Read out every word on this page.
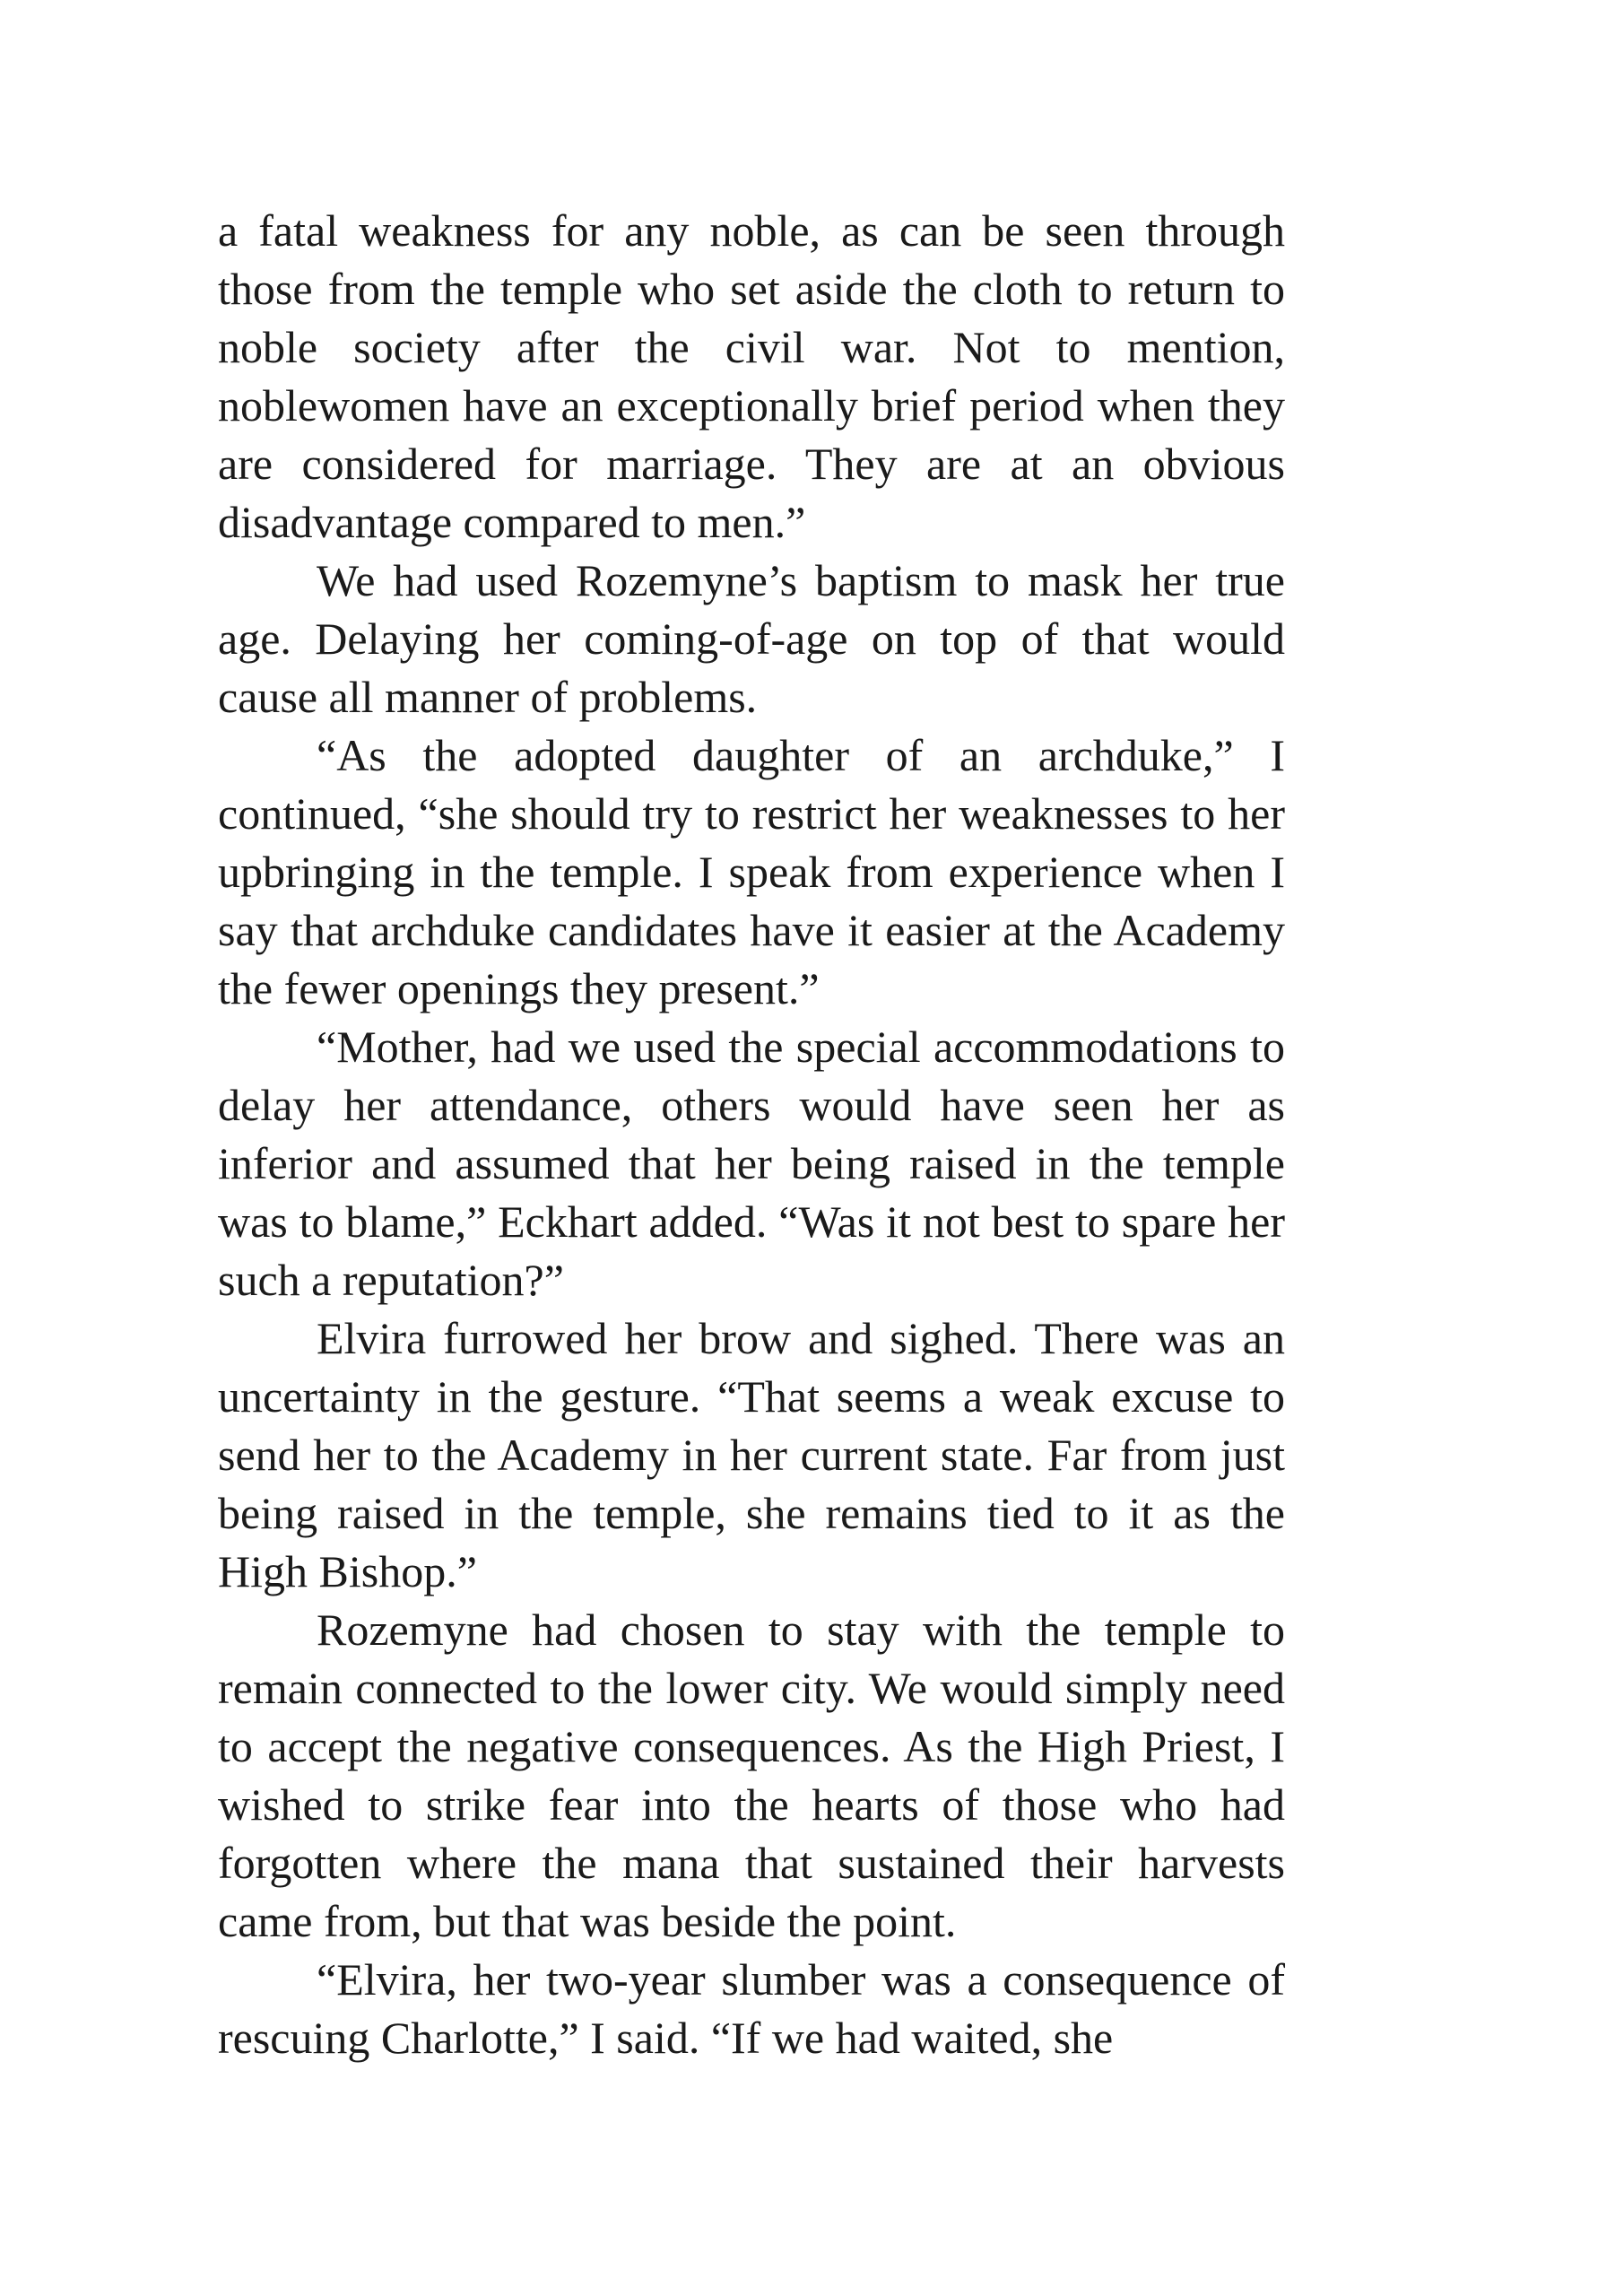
a fatal weakness for any noble, as can be seen through those from the temple who set aside the cloth to return to noble society after the civil war. Not to mention, noblewomen have an exceptionally brief period when they are considered for marriage. They are at an obvious disadvantage compared to men.”

We had used Rozemyne’s baptism to mask her true age. Delaying her coming-of-age on top of that would cause all manner of problems.

“As the adopted daughter of an archduke,” I continued, “she should try to restrict her weaknesses to her upbringing in the temple. I speak from experience when I say that archduke candidates have it easier at the Academy the fewer openings they present.”

“Mother, had we used the special accommodations to delay her attendance, others would have seen her as inferior and assumed that her being raised in the temple was to blame,” Eckhart added. “Was it not best to spare her such a reputation?”

Elvira furrowed her brow and sighed. There was an uncertainty in the gesture. “That seems a weak excuse to send her to the Academy in her current state. Far from just being raised in the temple, she remains tied to it as the High Bishop.”

Rozemyne had chosen to stay with the temple to remain connected to the lower city. We would simply need to accept the negative consequences. As the High Priest, I wished to strike fear into the hearts of those who had forgotten where the mana that sustained their harvests came from, but that was beside the point.

“Elvira, her two-year slumber was a consequence of rescuing Charlotte,” I said. “If we had waited, she
